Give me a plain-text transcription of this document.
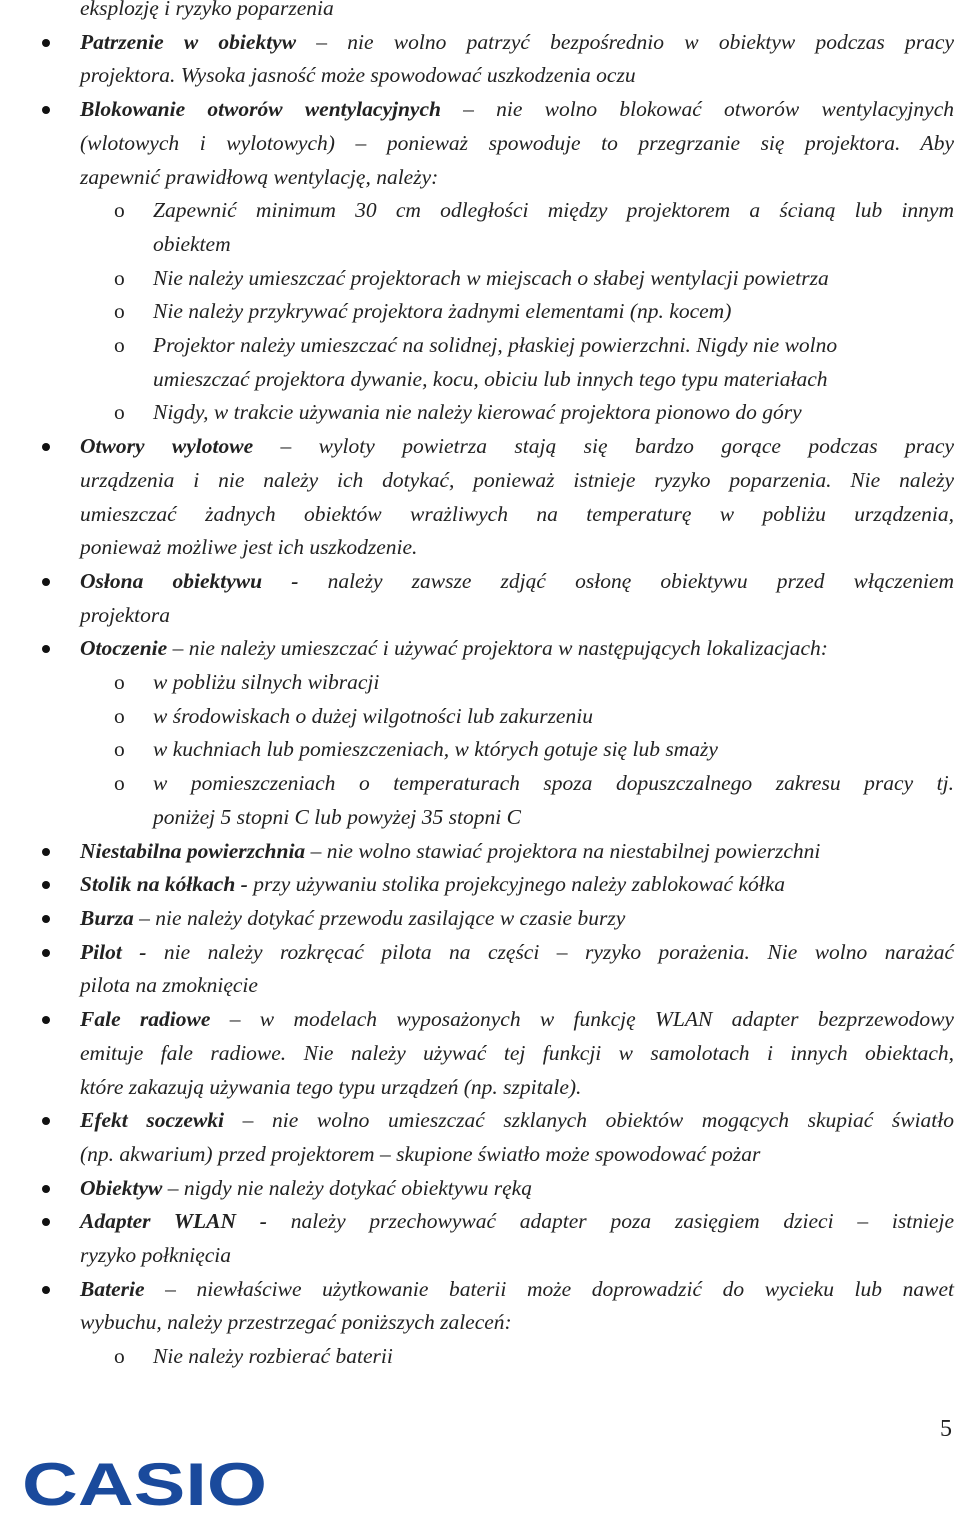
eksplozję i ryzyko poparzenia

Patrzenie w obiektyw – nie wolno patrzyć bezpośrednio w obiektyw podczas pracy

projektora. Wysoka jasność może spowodować uszkodzenia oczu

Blokowanie otworów wentylacyjnych – nie wolno blokować otworów wentylacyjnych

(wlotowych i wylotowych) – ponieważ spowoduje to przegrzanie się projektora. Aby

zapewnić prawidłową wentylację, należy:

o Zapewnić minimum 30 cm odległości między projektorem a ścianą lub innym

obiektem

o Nie należy umieszczać projektorach w miejscach o słabej wentylacji powietrza

o Nie należy przykrywać projektora żadnymi elementami (np. kocem)

o Projektor należy umieszczać na solidnej, płaskiej powierzchni. Nigdy nie wolno

umieszczać projektora dywanie, kocu, obiciu lub innych tego typu materiałach

o Nigdy, w trakcie używania nie należy kierować projektora pionowo do góry

Otwory wylotowe – wyloty powietrza stają się bardzo gorące podczas pracy

urządzenia i nie należy ich dotykać, ponieważ istnieje ryzyko poparzenia. Nie należy

umieszczać żadnych obiektów wrażliwych na temperaturę w pobliżu urządzenia,

ponieważ możliwe jest ich uszkodzenie.

Osłona obiektywu - należy zawsze zdjąć osłonę obiektywu przed włączeniem

projektora

Otoczenie – nie należy umieszczać i używać projektora w następujących lokalizacjach:

o w pobliżu silnych wibracji

o w środowiskach o dużej wilgotności lub zakurzeniu

o w kuchniach lub pomieszczeniach, w których gotuje się lub smaży

o w pomieszczeniach o temperaturach spoza dopuszczalnego zakresu pracy tj.

poniżej 5 stopni C lub powyżej 35 stopni C

Niestabilna powierzchnia – nie wolno stawiać projektora na niestabilnej powierzchni

Stolik na kółkach - przy używaniu stolika projekcyjnego należy zablokować kółka

Burza – nie należy dotykać przewodu zasilające w czasie burzy

Pilot - nie należy rozkręcać pilota na części – ryzyko porażenia. Nie wolno narażać

pilota na zmoknięcie

Fale radiowe – w modelach wyposażonych w funkcję WLAN adapter bezprzewodowy

emituje fale radiowe. Nie należy używać tej funkcji w samolotach i innych obiektach,

które zakazują używania tego typu urządzeń (np. szpitale).

Efekt soczewki – nie wolno umieszczać szklanych obiektów mogących skupiać światło

(np. akwarium) przed projektorem – skupione światło może spowodować pożar

Obiektyw – nigdy nie należy dotykać obiektywu ręką

Adapter WLAN - należy przechowywać adapter poza zasięgiem dzieci – istnieje

ryzyko połknięcia

Baterie – niewłaściwe użytkowanie baterii może doprowadzić do wycieku lub nawet

wybuchu, należy przestrzegać poniższych zaleceń:

o Nie należy rozbierać baterii

5
CASIO
